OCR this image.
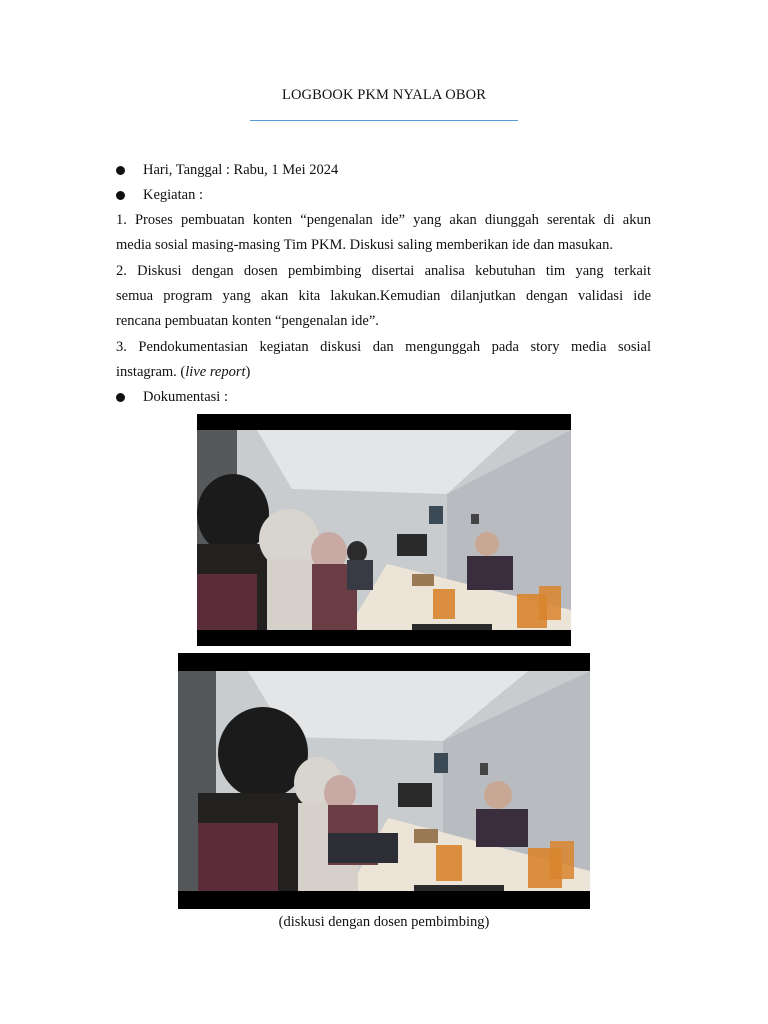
LOGBOOK PKM NYALA OBOR
Hari, Tanggal : Rabu, 1 Mei 2024
Kegiatan :
1. Proses pembuatan konten “pengenalan ide” yang akan diunggah serentak di akun
media sosial masing-masing Tim PKM. Diskusi saling memberikan ide dan masukan.
2. Diskusi dengan dosen pembimbing disertai analisa kebutuhan tim yang terkait
semua program yang akan kita lakukan.Kemudian dilanjutkan dengan validasi ide
rencana pembuatan konten “pengenalan ide”.
3. Pendokumentasian kegiatan diskusi dan mengunggah pada story media sosial
instagram. (live report)
Dokumentasi :
(diskusi dengan dosen pembimbing)
